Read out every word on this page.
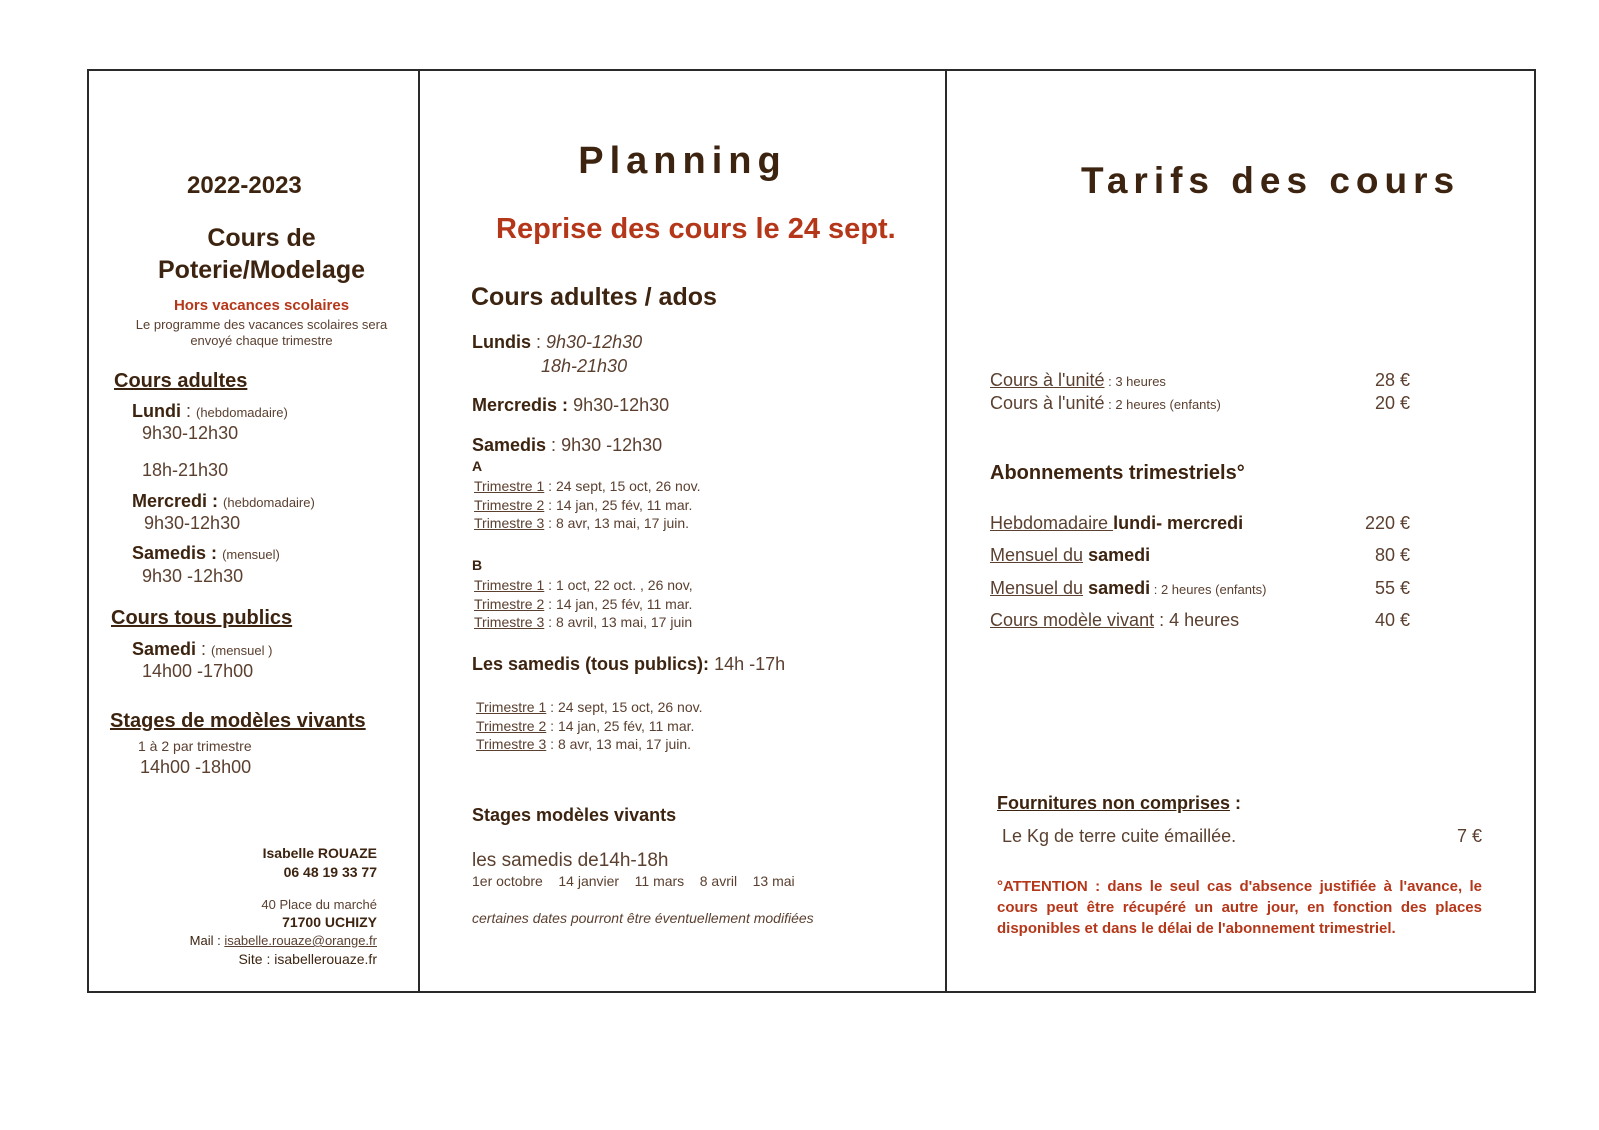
2022-2023
Cours de
Poterie/Modelage
Hors vacances scolaires
Le programme des vacances scolaires sera
envoyé chaque trimestre
Cours adultes
Lundi : (hebdomadaire)
9h30-12h30
18h-21h30
Mercredi : (hebdomadaire)
9h30-12h30
Samedis : (mensuel)
9h30 -12h30
Cours tous publics
Samedi : (mensuel )
14h00 -17h00
Stages de modèles vivants
1 à 2 par trimestre
14h00 -18h00
Isabelle ROUAZE
06 48 19 33 77
40 Place du marché
71700 UCHIZY
Mail : isabelle.rouaze@orange.fr
Site : isabellerouaze.fr
Planning
Reprise des cours le 24 sept.
Cours adultes / ados
Lundis : 9h30-12h30
18h-21h30
Mercredis : 9h30-12h30
Samedis : 9h30 -12h30
A
Trimestre 1 : 24 sept, 15 oct, 26 nov.
Trimestre 2 : 14 jan, 25 fév, 11 mar.
Trimestre 3 : 8 avr, 13 mai, 17 juin.
B
Trimestre 1 : 1 oct, 22 oct. , 26 nov,
Trimestre 2 : 14 jan, 25 fév, 11 mar.
Trimestre 3 : 8 avril, 13 mai, 17 juin
Les samedis (tous publics): 14h -17h
Trimestre 1 : 24 sept, 15 oct, 26 nov.
Trimestre 2 : 14 jan, 25 fév, 11 mar.
Trimestre 3 : 8 avr, 13 mai, 17 juin.
Stages modèles vivants
les samedis de14h-18h
1er octobre    14 janvier    11 mars    8 avril    13 mai
certaines dates pourront être éventuellement modifiées
Tarifs des cours
Cours à l'unité : 3 heures	28 €
Cours à l'unité : 2 heures (enfants)	20 €
Abonnements trimestriels°
Hebdomadaire lundi- mercredi	220 €
Mensuel du samedi	80 €
Mensuel du samedi : 2 heures (enfants)	55 €
Cours modèle vivant : 4 heures	40 €
Fournitures non comprises :
Le Kg de terre cuite émaillée.	7 €
°ATTENTION : dans le seul cas d'absence justifiée à l'avance, le cours peut être récupéré un autre jour, en fonction des places disponibles et dans le délai de l'abonnement trimestriel.
